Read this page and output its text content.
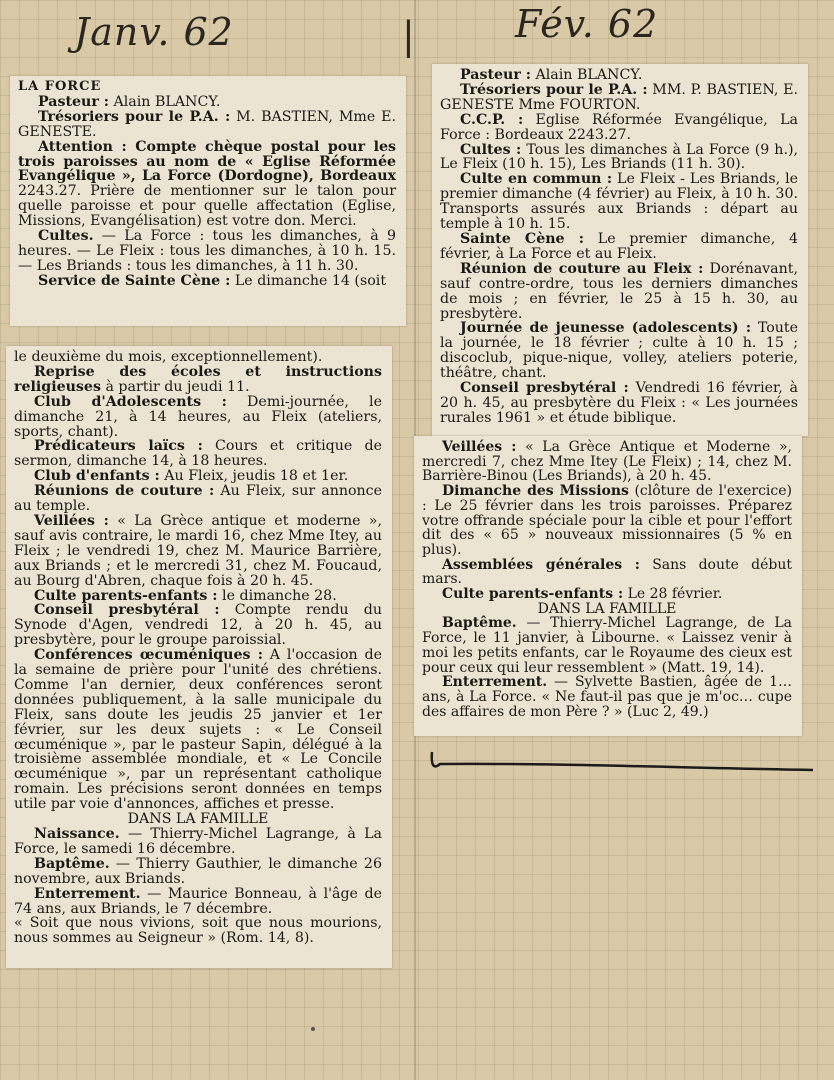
Janv. 62	Fév. 62
|

LA FORCE

Pasteur : Alain BLANCY.

Trésoriers pour le P.A. : M. BASTIEN, Mme E. GENESTE.

Attention : Compte chèque postal pour les trois paroisses au nom de « Eglise Réformée Evangélique », La Force (Dordogne), Bordeaux 2243.27. Prière de mentionner sur le talon pour quelle paroisse et pour quelle affectation (Eglise, Missions, Evangélisation) est votre don. Merci.

Cultes. — La Force : tous les dimanches, à 9 heures. — Le Fleix : tous les dimanches, à 10 h. 15. — Les Briands : tous les dimanches, à 11 h. 30.

Service de Sainte Cène : Le dimanche 14 (soit

le deuxième du mois, exceptionnellement).

Reprise des écoles et instructions religieuses à partir du jeudi 11.

Club d'Adolescents : Demi-journée, le dimanche 21, à 14 heures, au Fleix (ateliers, sports, chant).

Prédicateurs laïcs : Cours et critique de sermon, dimanche 14, à 18 heures.

Club d'enfants : Au Fleix, jeudis 18 et 1er.

Réunions de couture : Au Fleix, sur annonce au temple.

Veillées : « La Grèce antique et moderne », sauf avis contraire, le mardi 16, chez Mme Itey, au Fleix ; le vendredi 19, chez M. Maurice Barrière, aux Briands ; et le mercredi 31, chez M. Foucaud, au Bourg d'Abren, chaque fois à 20 h. 45.

Culte parents-enfants : le dimanche 28.

Conseil presbytéral : Compte rendu du Synode d'Agen, vendredi 12, à 20 h. 45, au presbytère, pour le groupe paroissial.

Conférences œcuméniques : A l'occasion de la semaine de prière pour l'unité des chrétiens. Comme l'an dernier, deux conférences seront données publiquement, à la salle municipale du Fleix, sans doute les jeudis 25 janvier et 1er février, sur les deux sujets : « Le Conseil œcuménique », par le pasteur Sapin, délégué à la troisième assemblée mondiale, et « Le Concile œcuménique », par un représentant catholique romain. Les précisions seront données en temps utile par voie d'annonces, affiches et presse.

DANS LA FAMILLE

Naissance. — Thierry-Michel Lagrange, à La Force, le samedi 16 décembre.

Baptême. — Thierry Gauthier, le dimanche 26 novembre, aux Briands.

Enterrement. — Maurice Bonneau, à l'âge de 74 ans, aux Briands, le 7 décembre.

« Soit que nous vivions, soit que nous mourions, nous sommes au Seigneur » (Rom. 14, 8).

Pasteur : Alain BLANCY.

Trésoriers pour le P.A. : MM. P. BASTIEN, E. GENESTE Mme FOURTON.

C.C.P. : Eglise Réformée Evangélique, La Force : Bordeaux 2243.27.

Cultes : Tous les dimanches à La Force (9 h.), Le Fleix (10 h. 15), Les Briands (11 h. 30).

Culte en commun : Le Fleix - Les Briands, le premier dimanche (4 février) au Fleix, à 10 h. 30. Transports assurés aux Briands : départ au temple à 10 h. 15.

Sainte Cène : Le premier dimanche, 4 février, à La Force et au Fleix.

Réunion de couture au Fleix : Dorénavant, sauf contre-ordre, tous les derniers dimanches de mois ; en février, le 25 à 15 h. 30, au presbytère.

Journée de jeunesse (adolescents) : Toute la journée, le 18 février ; culte à 10 h. 15 ; discoclub, pique-nique, volley, ateliers poterie, théâtre, chant.

Conseil presbytéral : Vendredi 16 février, à 20 h. 45, au presbytère du Fleix : « Les journées rurales 1961 » et étude biblique.

Veillées : « La Grèce Antique et Moderne », mercredi 7, chez Mme Itey (Le Fleix) ; 14, chez M. Barrière-Binou (Les Briands), à 20 h. 45.

Dimanche des Missions (clôture de l'exercice) : Le 25 février dans les trois paroisses. Préparez votre offrande spéciale pour la cible et pour l'effort dit des « 65 » nouveaux missionnaires (5 % en plus).

Assemblées générales : Sans doute début mars.

Culte parents-enfants : Le 28 février.

DANS LA FAMILLE

Baptême. — Thierry-Michel Lagrange, de La Force, le 11 janvier, à Libourne. « Laissez venir à moi les petits enfants, car le Royaume des cieux est pour ceux qui leur ressemblent » (Matt. 19, 14).

Enterrement. — Sylvette Bastien, âgée de 1… ans, à La Force. « Ne faut-il pas que je m'oc… cupe des affaires de mon Père ? » (Luc 2, 49.)
